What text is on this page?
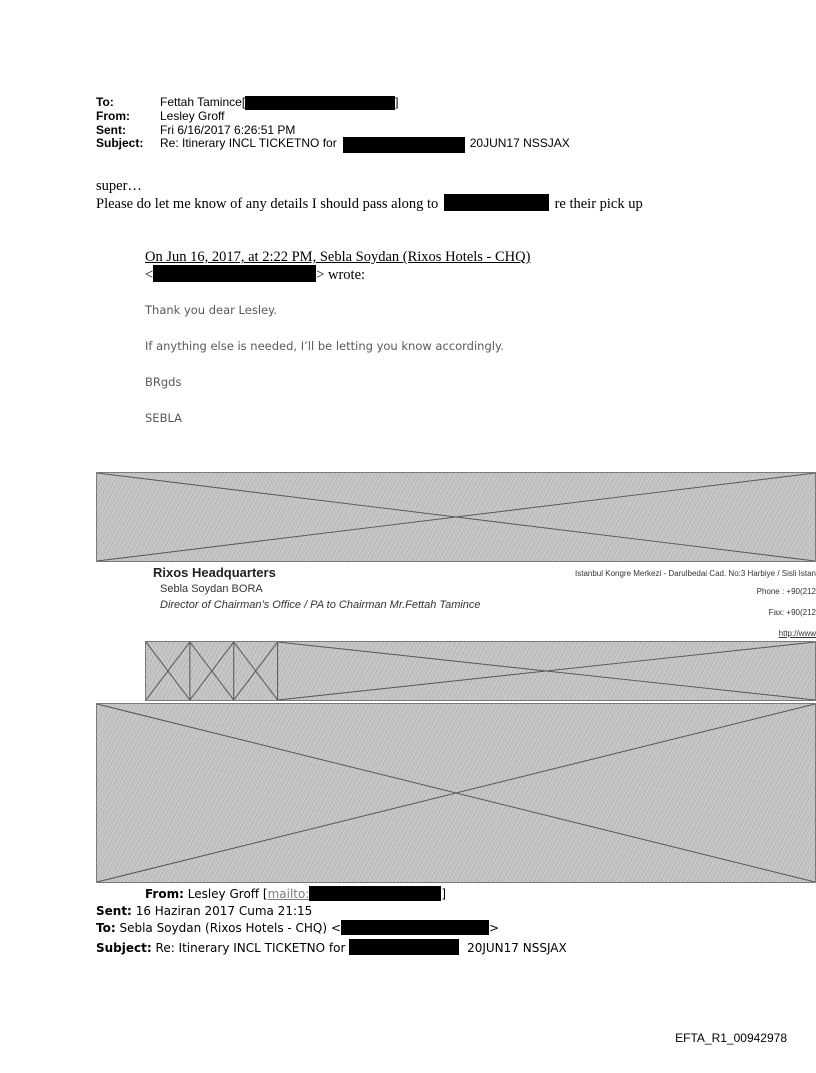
To:	Fettah Tamince[	]
From:	Lesley Groff
Sent:	Fri 6/16/2017 6:26:51 PM
Subject:	Re: Itinerary INCL TICKETNO for	20JUN17 NSSJAX
super…
Please do let me know of any details I should pass along to	re their pick up
On Jun 16, 2017, at 2:22 PM, Sebla Soydan (Rixos Hotels - CHQ)
<	> wrote:
Thank you dear Lesley.
If anything else is needed, I’ll be letting you know accordingly.
BRgds
SEBLA
Rixos Headquarters
Sebla Soydan BORA
Director of Chairman’s Office / PA to Chairman Mr.Fettah Tamince
Istanbul Kongre Merkezi - Darulbedai Cad. No:3 Harbiye / Sisli Istan
Phone : +90(212
Fax: +90(212
http://www
From: Lesley Groff [mailto:	]
Sent: 16 Haziran 2017 Cuma 21:15
To: Sebla Soydan (Rixos Hotels - CHQ) <	>
Subject: Re: Itinerary INCL TICKETNO for	20JUN17 NSSJAX
EFTA_R1_00942978
